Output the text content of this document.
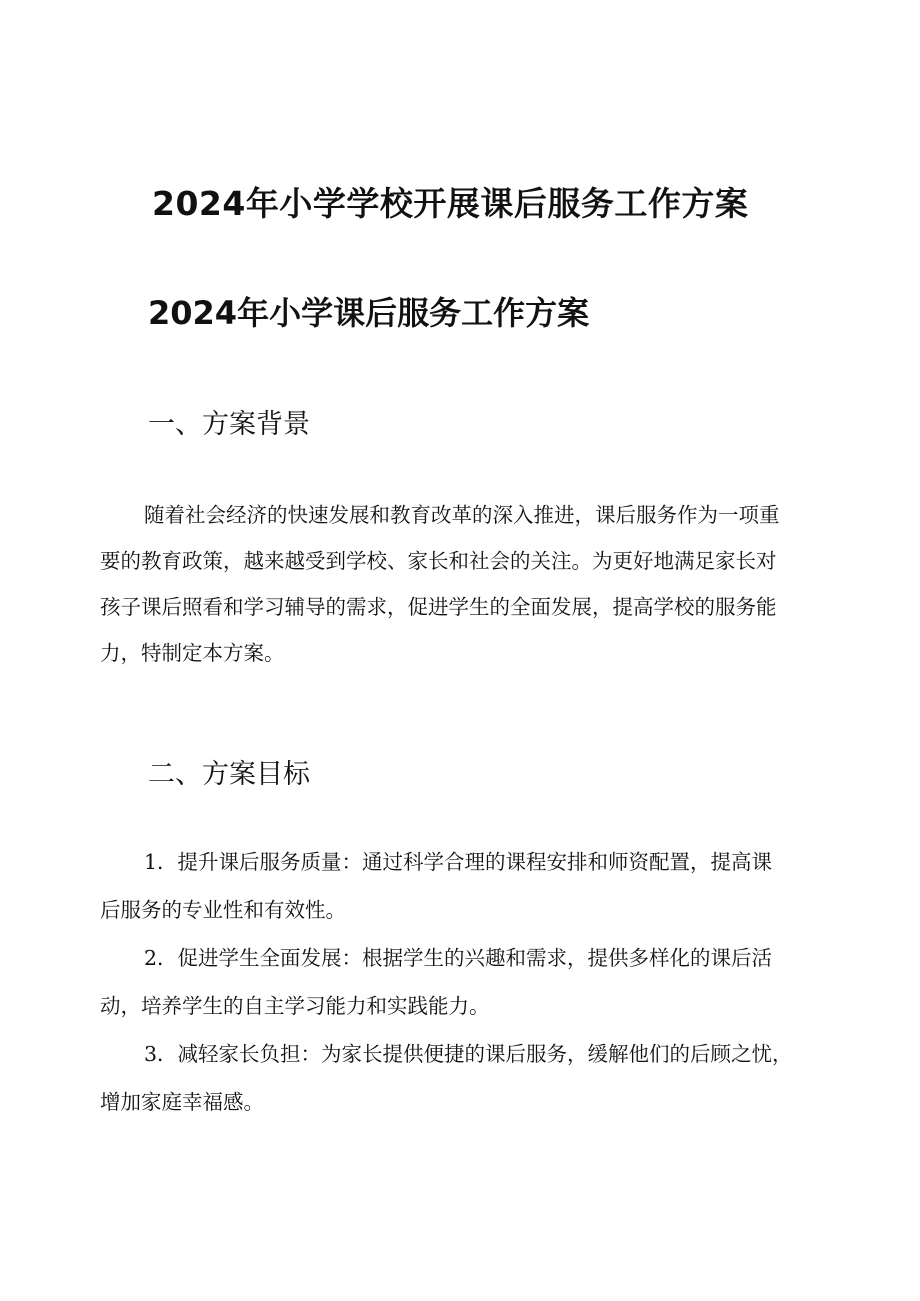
2024年小学学校开展课后服务工作方案
2024年小学课后服务工作方案
一、方案背景

随着社会经济的快速发展和教育改革的深入推进，课后服务作为一项重
要的教育政策，越来越受到学校、家长和社会的关注。为更好地满足家长对
孩子课后照看和学习辅导的需求，促进学生的全面发展，提高学校的服务能
力，特制定本方案。

二、方案目标
1．提升课后服务质量：通过科学合理的课程安排和师资配置，提高课
后服务的专业性和有效性。
2．促进学生全面发展：根据学生的兴趣和需求，提供多样化的课后活
动，培养学生的自主学习能力和实践能力。
3．减轻家长负担：为家长提供便捷的课后服务，缓解他们的后顾之忧，
增加家庭幸福感。
